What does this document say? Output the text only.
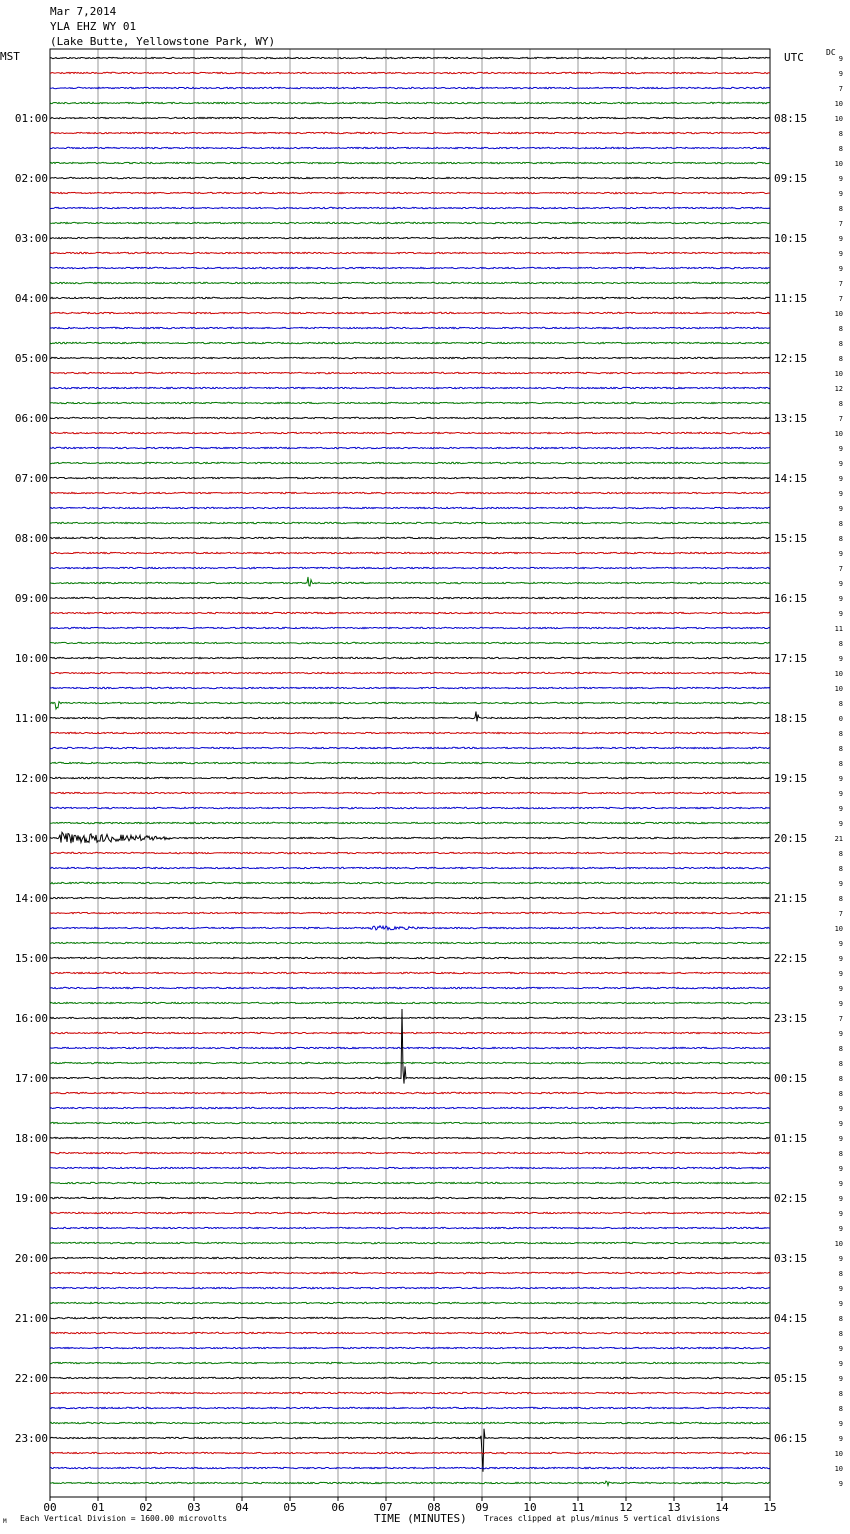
Mar 7,2014
YLA EHZ WY 01
(Lake Butte, Yellowstone Park, WY)
MST	UTC	DC
9
9
7
10
10
8
8
10
9
9
8
7
9
9
9
7
7
10
8
8
8
10
12
8
7
10
9
9
9
9
9
8
8
9
7
9
9
9
11
8
9
10
10
8
0
8
8
8
9
9
9
9
21
8
8
9
8
7
10
9
9
9
9
9
7
9
8
8
8
8
9
9
9
8
9
9
9
9
9
10
9
8
9
9
8
8
9
9
9
8
8
9
9
10
10
9
01:00	08:15
02:00	09:15
03:00	10:15
04:00	11:15
05:00	12:15
06:00	13:15
07:00	14:15
08:00	15:15
09:00	16:15
10:00	17:15
11:00	18:15
12:00	19:15
13:00	20:15
14:00	21:15
15:00	22:15
16:00	23:15
17:00	00:15
18:00	01:15
19:00	02:15
20:00	03:15
21:00	04:15
22:00	05:15
23:00	06:15
00	01	02	03	04	05	06	07	08	09	10	11	12	13	14	15
Each Vertical Division = 1600.00 microvolts	TIME (MINUTES) Traces clipped at plus/minus 5 vertical divisions
M
